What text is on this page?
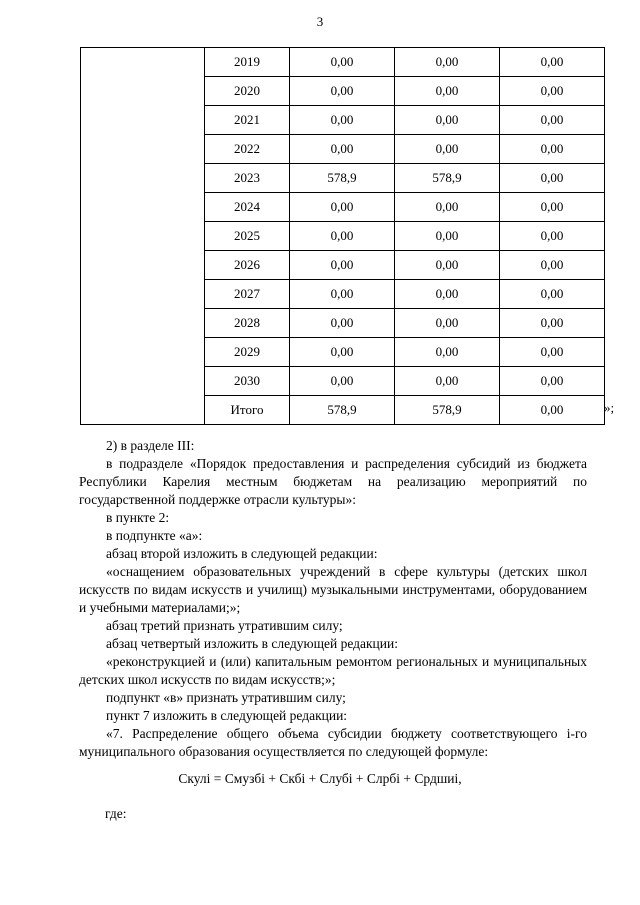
3
	2019	0,00	0,00	0,00
	2020	0,00	0,00	0,00
	2021	0,00	0,00	0,00
	2022	0,00	0,00	0,00
	2023	578,9	578,9	0,00
	2024	0,00	0,00	0,00
	2025	0,00	0,00	0,00
	2026	0,00	0,00	0,00
	2027	0,00	0,00	0,00
	2028	0,00	0,00	0,00
	2029	0,00	0,00	0,00
	2030	0,00	0,00	0,00
	Итого	578,9	578,9	0,00	»;

2) в разделе III:

в подразделе «Порядок предоставления и распределения субсидий из бюджета Республики Карелия местным бюджетам на реализацию мероприятий по государственной поддержке отрасли культуры»:

в пункте 2:

в подпункте «а»:

абзац второй изложить в следующей редакции:

«оснащением образовательных учреждений в сфере культуры (детских школ искусств по видам искусств и училищ) музыкальными инструментами, оборудованием и учебными материалами;»;

абзац третий признать утратившим силу;

абзац четвертый изложить в следующей редакции:

«реконструкцией и (или) капитальным ремонтом региональных и муниципальных детских школ искусств по видам искусств;»;

подпункт «в» признать утратившим силу;

пункт 7 изложить в следующей редакции:

«7. Распределение общего объема субсидии бюджету соответствующего i-го муниципального образования осуществляется по следующей формуле:

Скулі = Смузбі + Скбі + Слубі + Слрбі + Срдшиі,
где:
